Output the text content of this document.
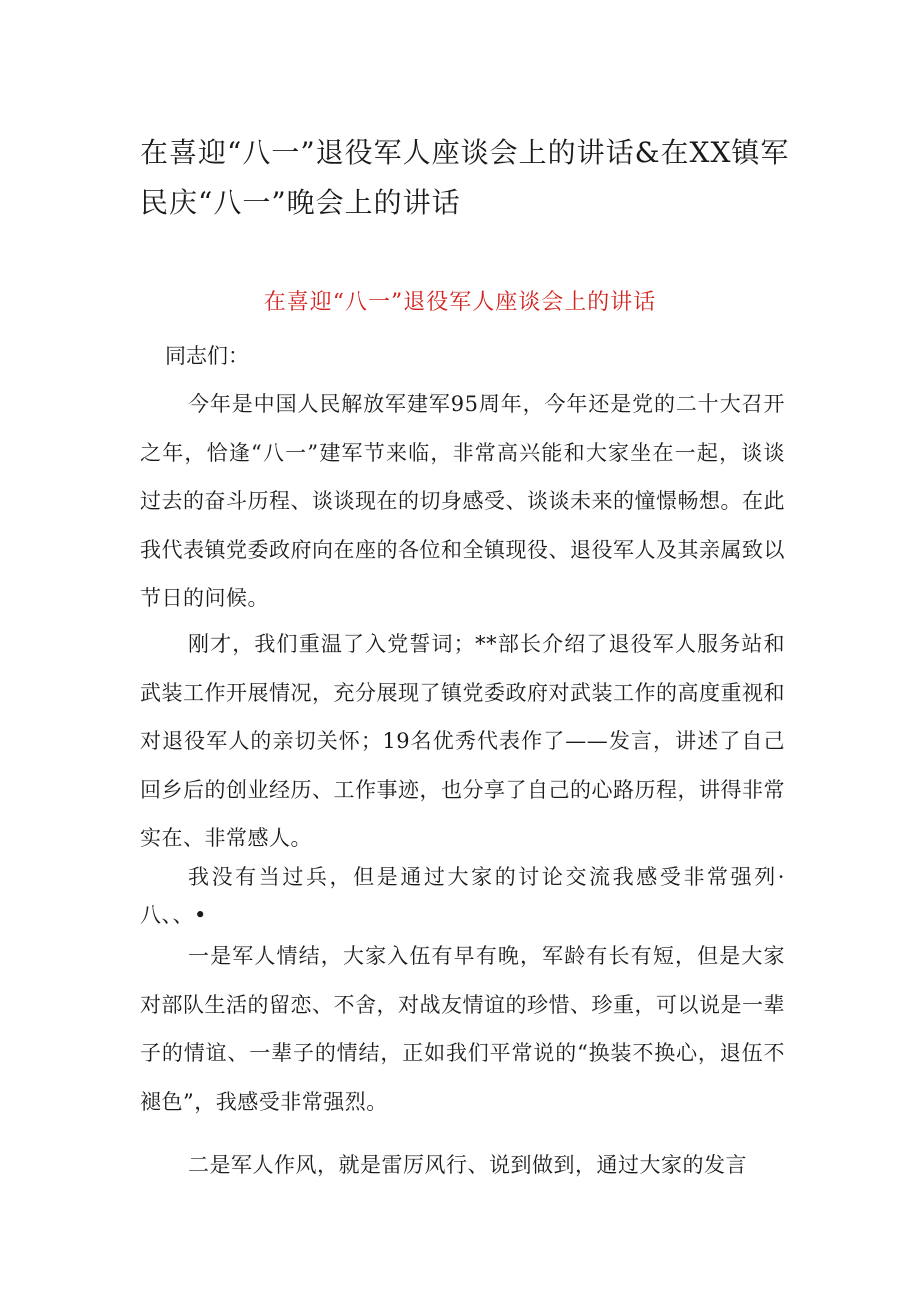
在喜迎“八一”退役军人座谈会上的讲话&在XX镇军民庆“八一”晚会上的讲话
在喜迎“八一”退役军人座谈会上的讲话

同志们：

今年是中国人民解放军建军95周年，今年还是党的二十大召开之年，恰逢“八一”建军节来临，非常高兴能和大家坐在一起，谈谈过去的奋斗历程、谈谈现在的切身感受、谈谈未来的憧憬畅想。在此我代表镇党委政府向在座的各位和全镇现役、退役军人及其亲属致以节日的问候。

刚才，我们重温了入党誓词；**部长介绍了退役军人服务站和武装工作开展情况，充分展现了镇党委政府对武装工作的高度重视和对退役军人的亲切关怀；19名优秀代表作了——发言，讲述了自己回乡后的创业经历、工作事迹，也分享了自己的心路历程，讲得非常实在、非常感人。

我没有当过兵，但是通过大家的讨论交流我感受非常强列·八、、•

一是军人情结，大家入伍有早有晚，军龄有长有短，但是大家对部队生活的留恋、不舍，对战友情谊的珍惜、珍重，可以说是一辈子的情谊、一辈子的情结，正如我们平常说的“换装不换心，退伍不褪色”，我感受非常强烈。

二是军人作风，就是雷厉风行、说到做到，通过大家的发言
